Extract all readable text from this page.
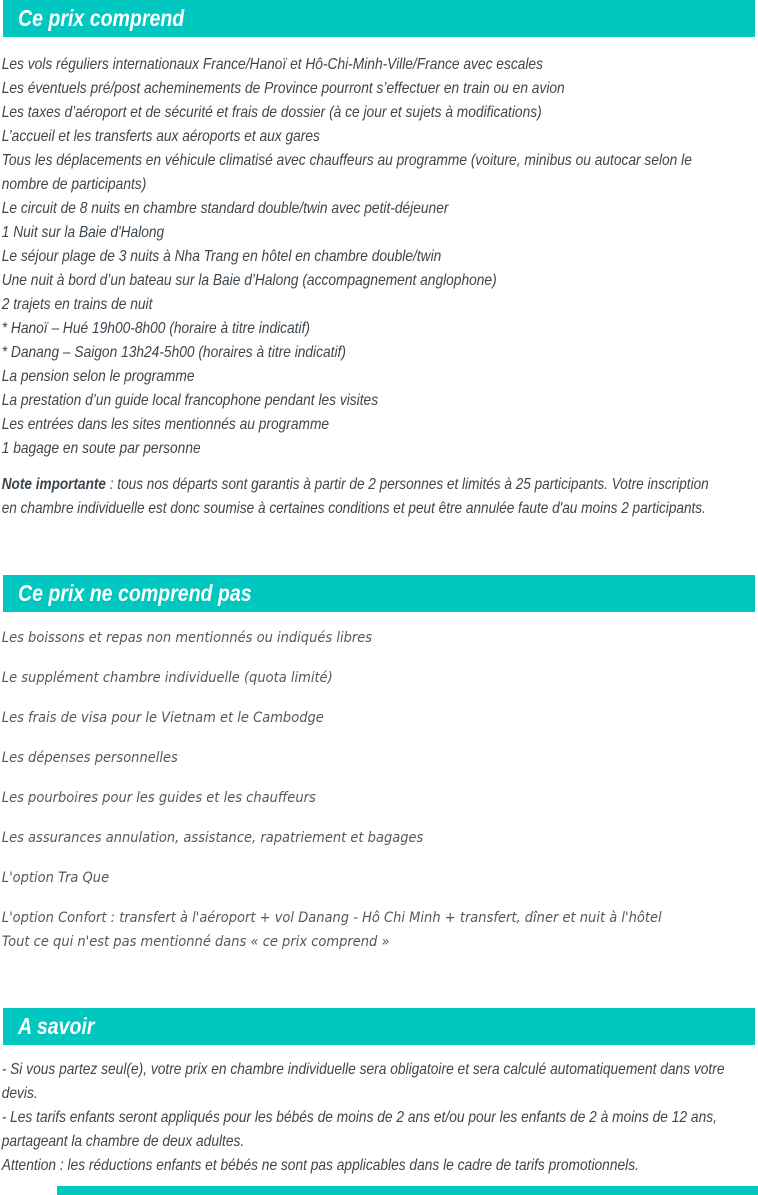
Ce prix comprend
Les vols réguliers internationaux France/Hanoï et Hô-Chi-Minh-Ville/France avec escales
Les éventuels pré/post acheminements de Province pourront s’effectuer en train ou en avion
Les taxes d’aéroport et de sécurité et frais de dossier (à ce jour et sujets à modifications)
L’accueil et les transferts aux aéroports et aux gares
Tous les déplacements en véhicule climatisé avec chauffeurs au programme (voiture, minibus ou autocar selon le
nombre de participants)
Le circuit de 8 nuits en chambre standard double/twin avec petit-déjeuner
1 Nuit sur la Baie d'Halong
Le séjour plage de 3 nuits à Nha Trang en hôtel en chambre double/twin
Une nuit à bord d’un bateau sur la Baie d’Halong (accompagnement anglophone)
2 trajets en trains de nuit
* Hanoï – Hué 19h00-8h00 (horaire à titre indicatif)
* Danang – Saigon 13h24-5h00 (horaires à titre indicatif)
La pension selon le programme
La prestation d’un guide local francophone pendant les visites
Les entrées dans les sites mentionnés au programme
1 bagage en soute par personne
Note importante : tous nos départs sont garantis à partir de 2 personnes et limités à 25 participants. Votre inscription
en chambre individuelle est donc soumise à certaines conditions et peut être annulée faute d'au moins 2 participants.
Ce prix ne comprend pas
Les boissons et repas non mentionnés ou indiqués libres
Le supplément chambre individuelle (quota limité)
Les frais de visa pour le Vietnam et le Cambodge
Les dépenses personnelles
Les pourboires pour les guides et les chauffeurs
Les assurances annulation, assistance, rapatriement et bagages
L'option Tra Que
L'option Confort : transfert à l'aéroport + vol Danang - Hô Chi Minh + transfert, dîner et nuit à l'hôtel
Tout ce qui n'est pas mentionné dans « ce prix comprend »
A savoir
- Si vous partez seul(e), votre prix en chambre individuelle sera obligatoire et sera calculé automatiquement dans votre
devis.
- Les tarifs enfants seront appliqués pour les bébés de moins de 2 ans et/ou pour les enfants de 2 à moins de 12 ans,
partageant la chambre de deux adultes.
Attention : les réductions enfants et bébés ne sont pas applicables dans le cadre de tarifs promotionnels.
